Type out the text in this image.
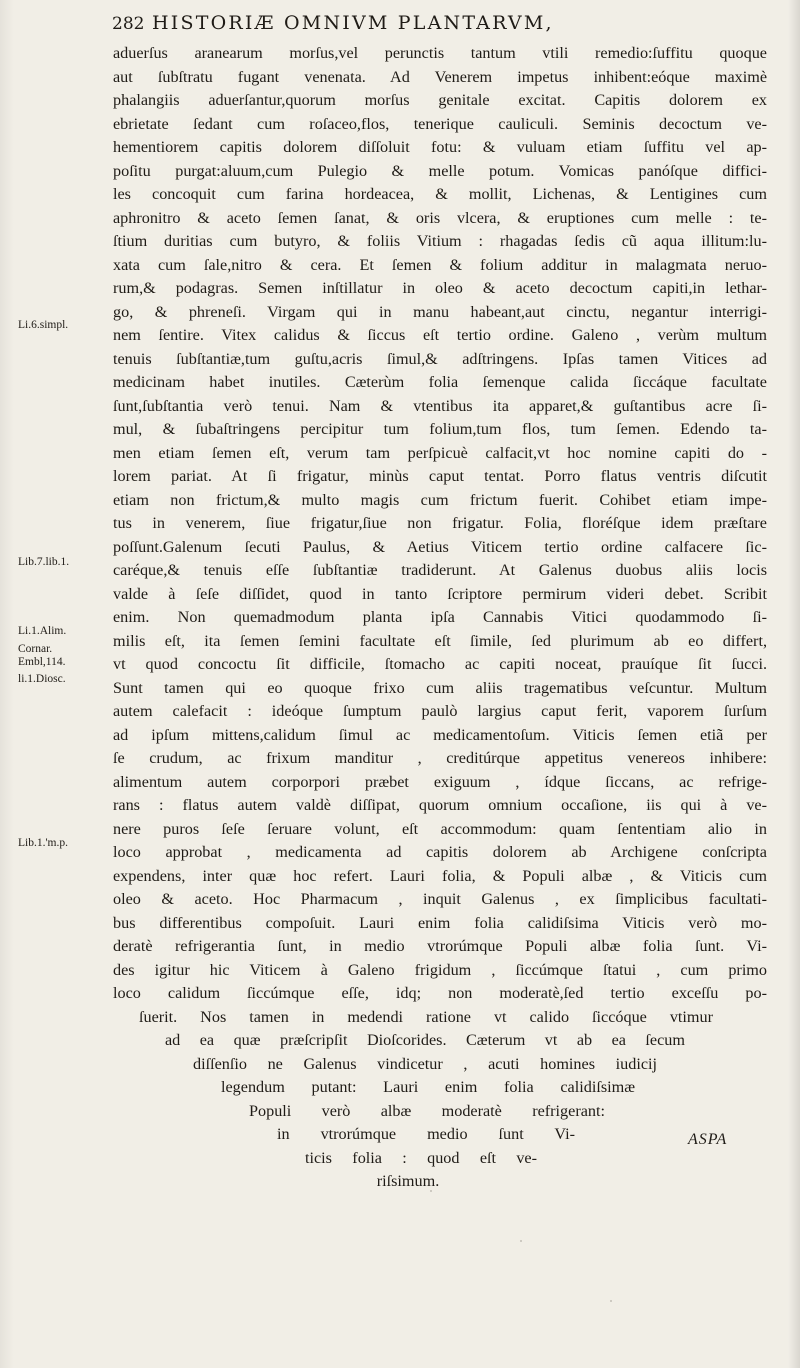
282 HISTORIÆ OMNIVM PLANTARVM,
Li.6.simpl.
Lib.7.lib.1.
Li.1.Alim.
Cornar.
Embl,114.
li.1.Diosc.
Lib.1.'m.p.
aduerſus aranearum morſus,vel perunctis tantum vtili remedio:ſuffitu quoque
aut ſubſtratu fugant venenata. Ad Venerem impetus inhibent:eóque maximè
phalangiis aduerſantur,quorum morſus genitale excitat. Capitis dolorem ex
ebrietate ſedant cum roſaceo,flos, tenerique cauliculi. Seminis decoctum ve-
hementiorem capitis dolorem diſſoluit fotu: & vuluam etiam ſuffitu vel ap-
poſitu purgat:aluum,cum Pulegio & melle potum. Vomicas panóſque diffici-
les concoquit cum farina hordeacea, & mollit, Lichenas, & Lentigines cum
aphronitro & aceto ſemen ſanat, & oris vlcera, & eruptiones cum melle : te-
ſtium duritias cum butyro, & foliis Vitium : rhagadas ſedis cũ aqua illitum:lu-
xata cum ſale,nitro & cera. Et ſemen & folium additur in malagmata neruo-
rum,& podagras. Semen inſtillatur in oleo & aceto decoctum capiti,in lethar-
go, & phreneſi. Virgam qui in manu habeant,aut cinctu, negantur interrigi-
nem ſentire. Vitex calidus & ſiccus eſt tertio ordine. Galeno , verùm multum
tenuis ſubſtantiæ,tum guſtu,acris ſimul,& adſtringens. Ipſas tamen Vitices ad
medicinam habet inutiles. Cæterùm folia ſemenque calida ſiccáque facultate
ſunt,ſubſtantia verò tenui. Nam & vtentibus ita apparet,& guſtantibus acre ſi-
mul, & ſubaſtringens percipitur tum folium,tum flos, tum ſemen. Edendo ta-
men etiam ſemen eſt, verum tam perſpicuè calfacit,vt hoc nomine capiti do -
lorem pariat. At ſi frigatur, minùs caput tentat. Porro flatus ventris diſcutit
etiam non frictum,& multo magis cum frictum fuerit. Cohibet etiam impe-
tus in venerem, ſiue frigatur,ſiue non frigatur. Folia, floréſque idem præſtare
poſſunt.Galenum ſecuti Paulus, & Aetius Viticem tertio ordine calfacere ſic-
caréque,& tenuis eſſe ſubſtantiæ tradiderunt. At Galenus duobus aliis locis
valde à ſeſe diſſidet, quod in tanto ſcriptore permirum videri debet. Scribit
enim. Non quemadmodum planta ipſa Cannabis Vitici quodammodo ſi-
milis eſt, ita ſemen ſemini facultate eſt ſimile, ſed plurimum ab eo differt,
vt quod concoctu ſit difficile, ſtomacho ac capiti noceat, prauíque ſit ſucci.
Sunt tamen qui eo quoque frixo cum aliis tragematibus veſcuntur. Multum
autem calefacit : ideóque ſumptum paulò largius caput ferit, vaporem ſurſum
ad ipſum mittens,calidum ſimul ac medicamentoſum. Viticis ſemen etiã per
ſe crudum, ac frixum manditur , creditúrque appetitus venereos inhibere:
alimentum autem corporpori præbet exiguum , ídque ſiccans, ac refrige-
rans : flatus autem valdè diſſipat, quorum omnium occaſione, iis qui à ve-
nere puros ſeſe ſeruare volunt, eſt accommodum: quam ſententiam alio in
loco approbat , medicamenta ad capitis dolorem ab Archigene conſcripta
expendens, inter quæ hoc refert. Lauri folia, & Populi albæ , & Viticis cum
oleo & aceto. Hoc Pharmacum , inquit Galenus , ex ſimplicibus facultati-
bus differentibus compoſuit. Lauri enim folia calidiſsima Viticis verò mo-
deratè refrigerantia ſunt, in medio vtrorúmque Populi albæ folia ſunt. Vi-
des igitur hic Viticem à Galeno frigidum , ſiccúmque ſtatui , cum primo
loco calidum ſiccúmque eſſe, idq; non moderatè,ſed tertio exceſſu po-
ſuerit. Nos tamen in medendi ratione vt calido ſiccóque vtimur
ad ea quæ præſcripſit Dioſcorides. Cæterum vt ab ea ſecum
diſſenſio ne Galenus vindicetur , acuti homines iudicij
legendum putant: Lauri enim folia calidiſsimæ
Populi verò albæ moderatè refrigerant:
in vtrorúmque medio ſunt Vi-
ticis folia : quod eſt ve-
riſsimum.
ASPA
